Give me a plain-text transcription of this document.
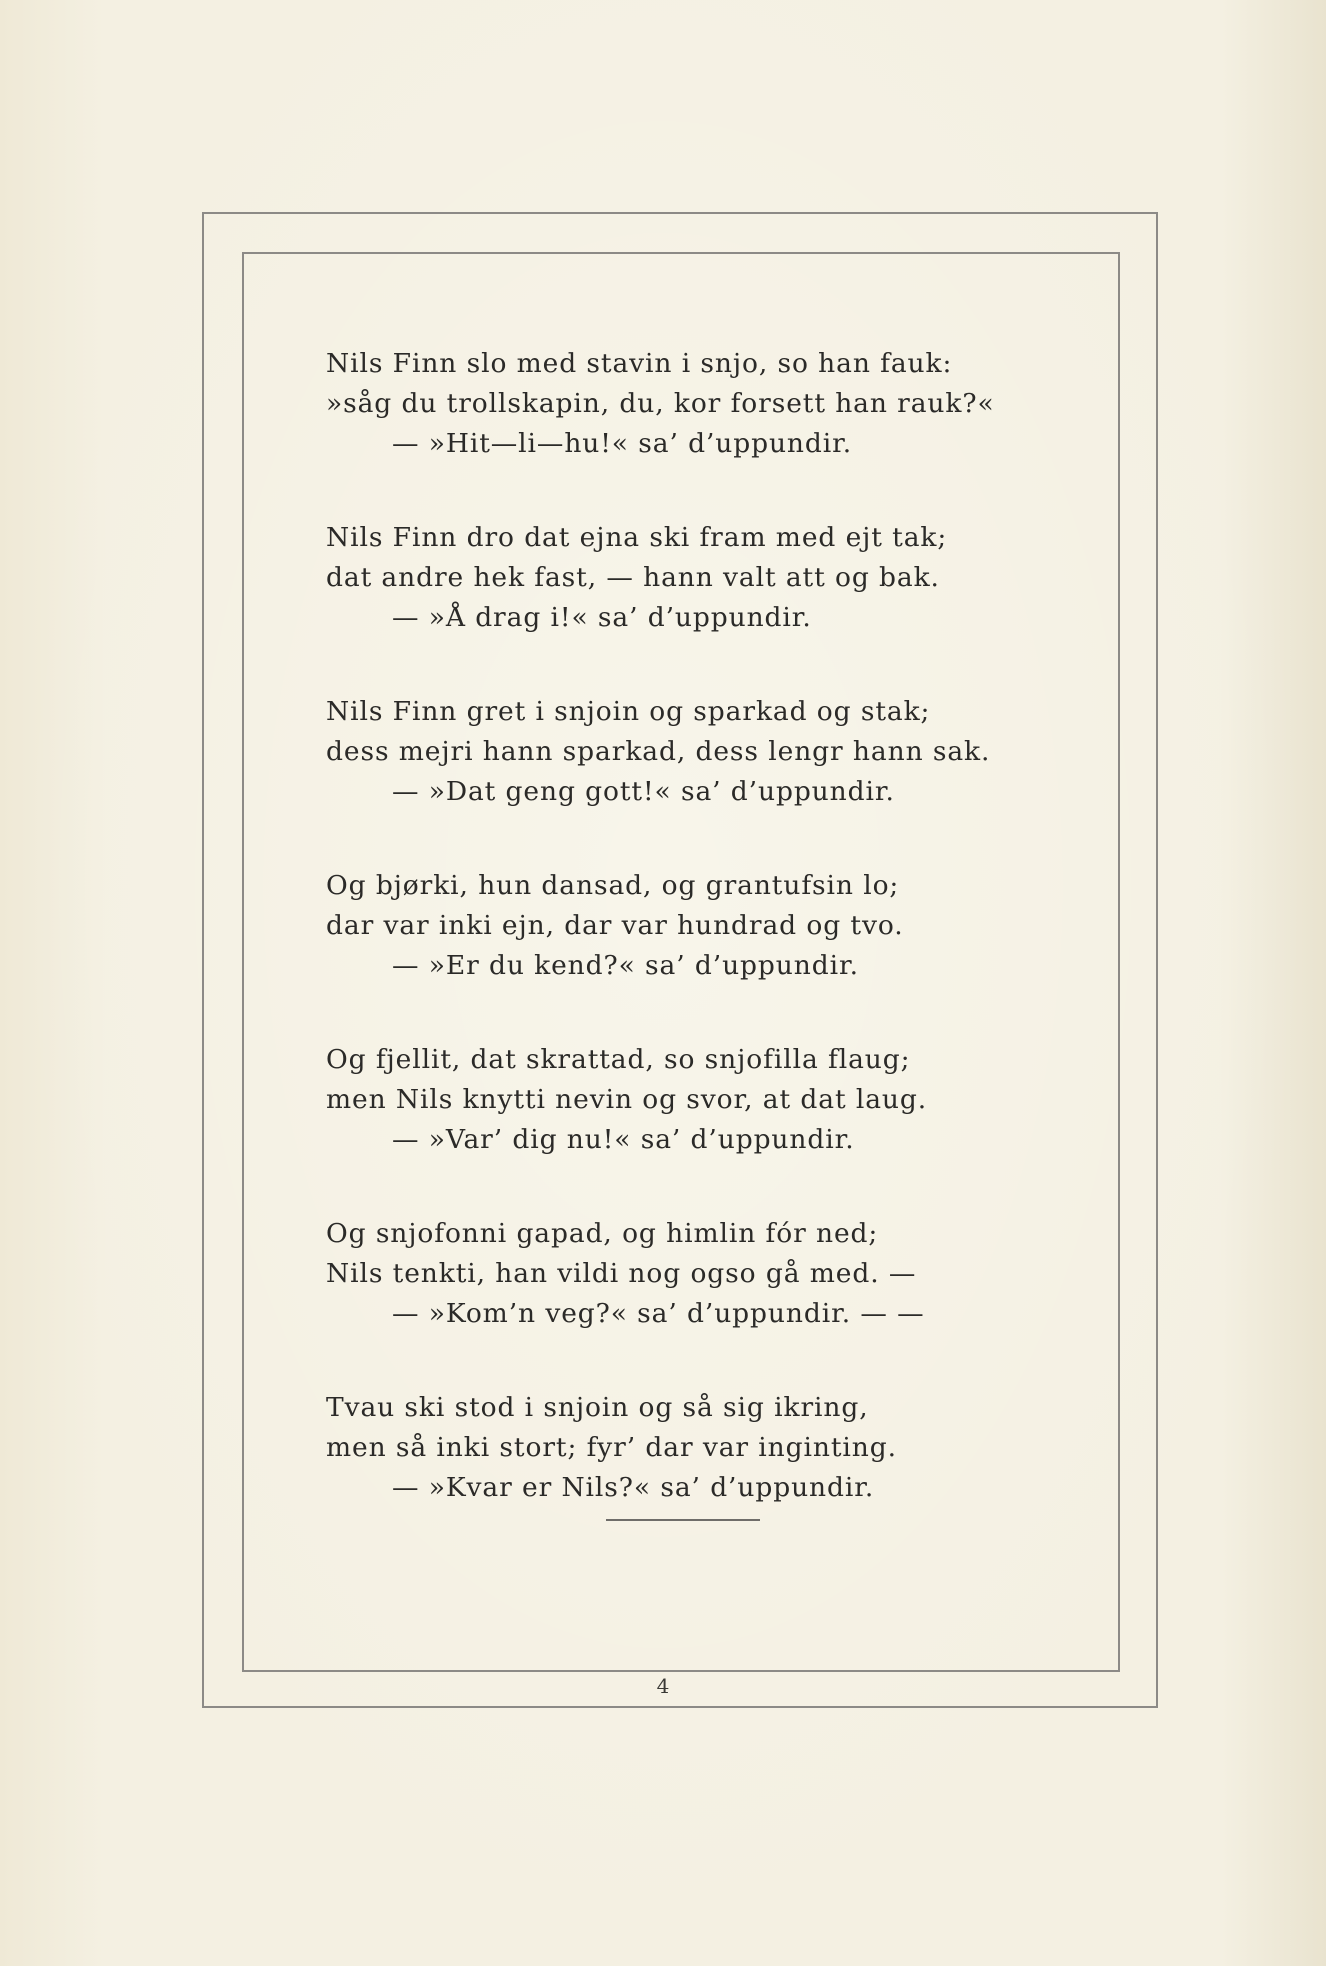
Nils Finn slo med stavin i snjo, so han fauk:
»såg du trollskapin, du, kor forsett han rauk?«
— »Hit—li—hu!« sa’ d’uppundir.
Nils Finn dro dat ejna ski fram med ejt tak;
dat andre hek fast, — hann valt att og bak.
— »Å drag i!« sa’ d’uppundir.
Nils Finn gret i snjoin og sparkad og stak;
dess mejri hann sparkad, dess lengr hann sak.
— »Dat geng gott!« sa’ d’uppundir.
Og bjørki, hun dansad, og grantufsin lo;
dar var inki ejn, dar var hundrad og tvo.
— »Er du kend?« sa’ d’uppundir.
Og fjellit, dat skrattad, so snjofilla flaug;
men Nils knytti nevin og svor, at dat laug.
— »Var’ dig nu!« sa’ d’uppundir.
Og snjofonni gapad, og himlin fór ned;
Nils tenkti, han vildi nog ogso gå med. —
— »Kom’n veg?« sa’ d’uppundir. — —
Tvau ski stod i snjoin og så sig ikring,
men så inki stort; fyr’ dar var inginting.
— »Kvar er Nils?« sa’ d’uppundir.
4
